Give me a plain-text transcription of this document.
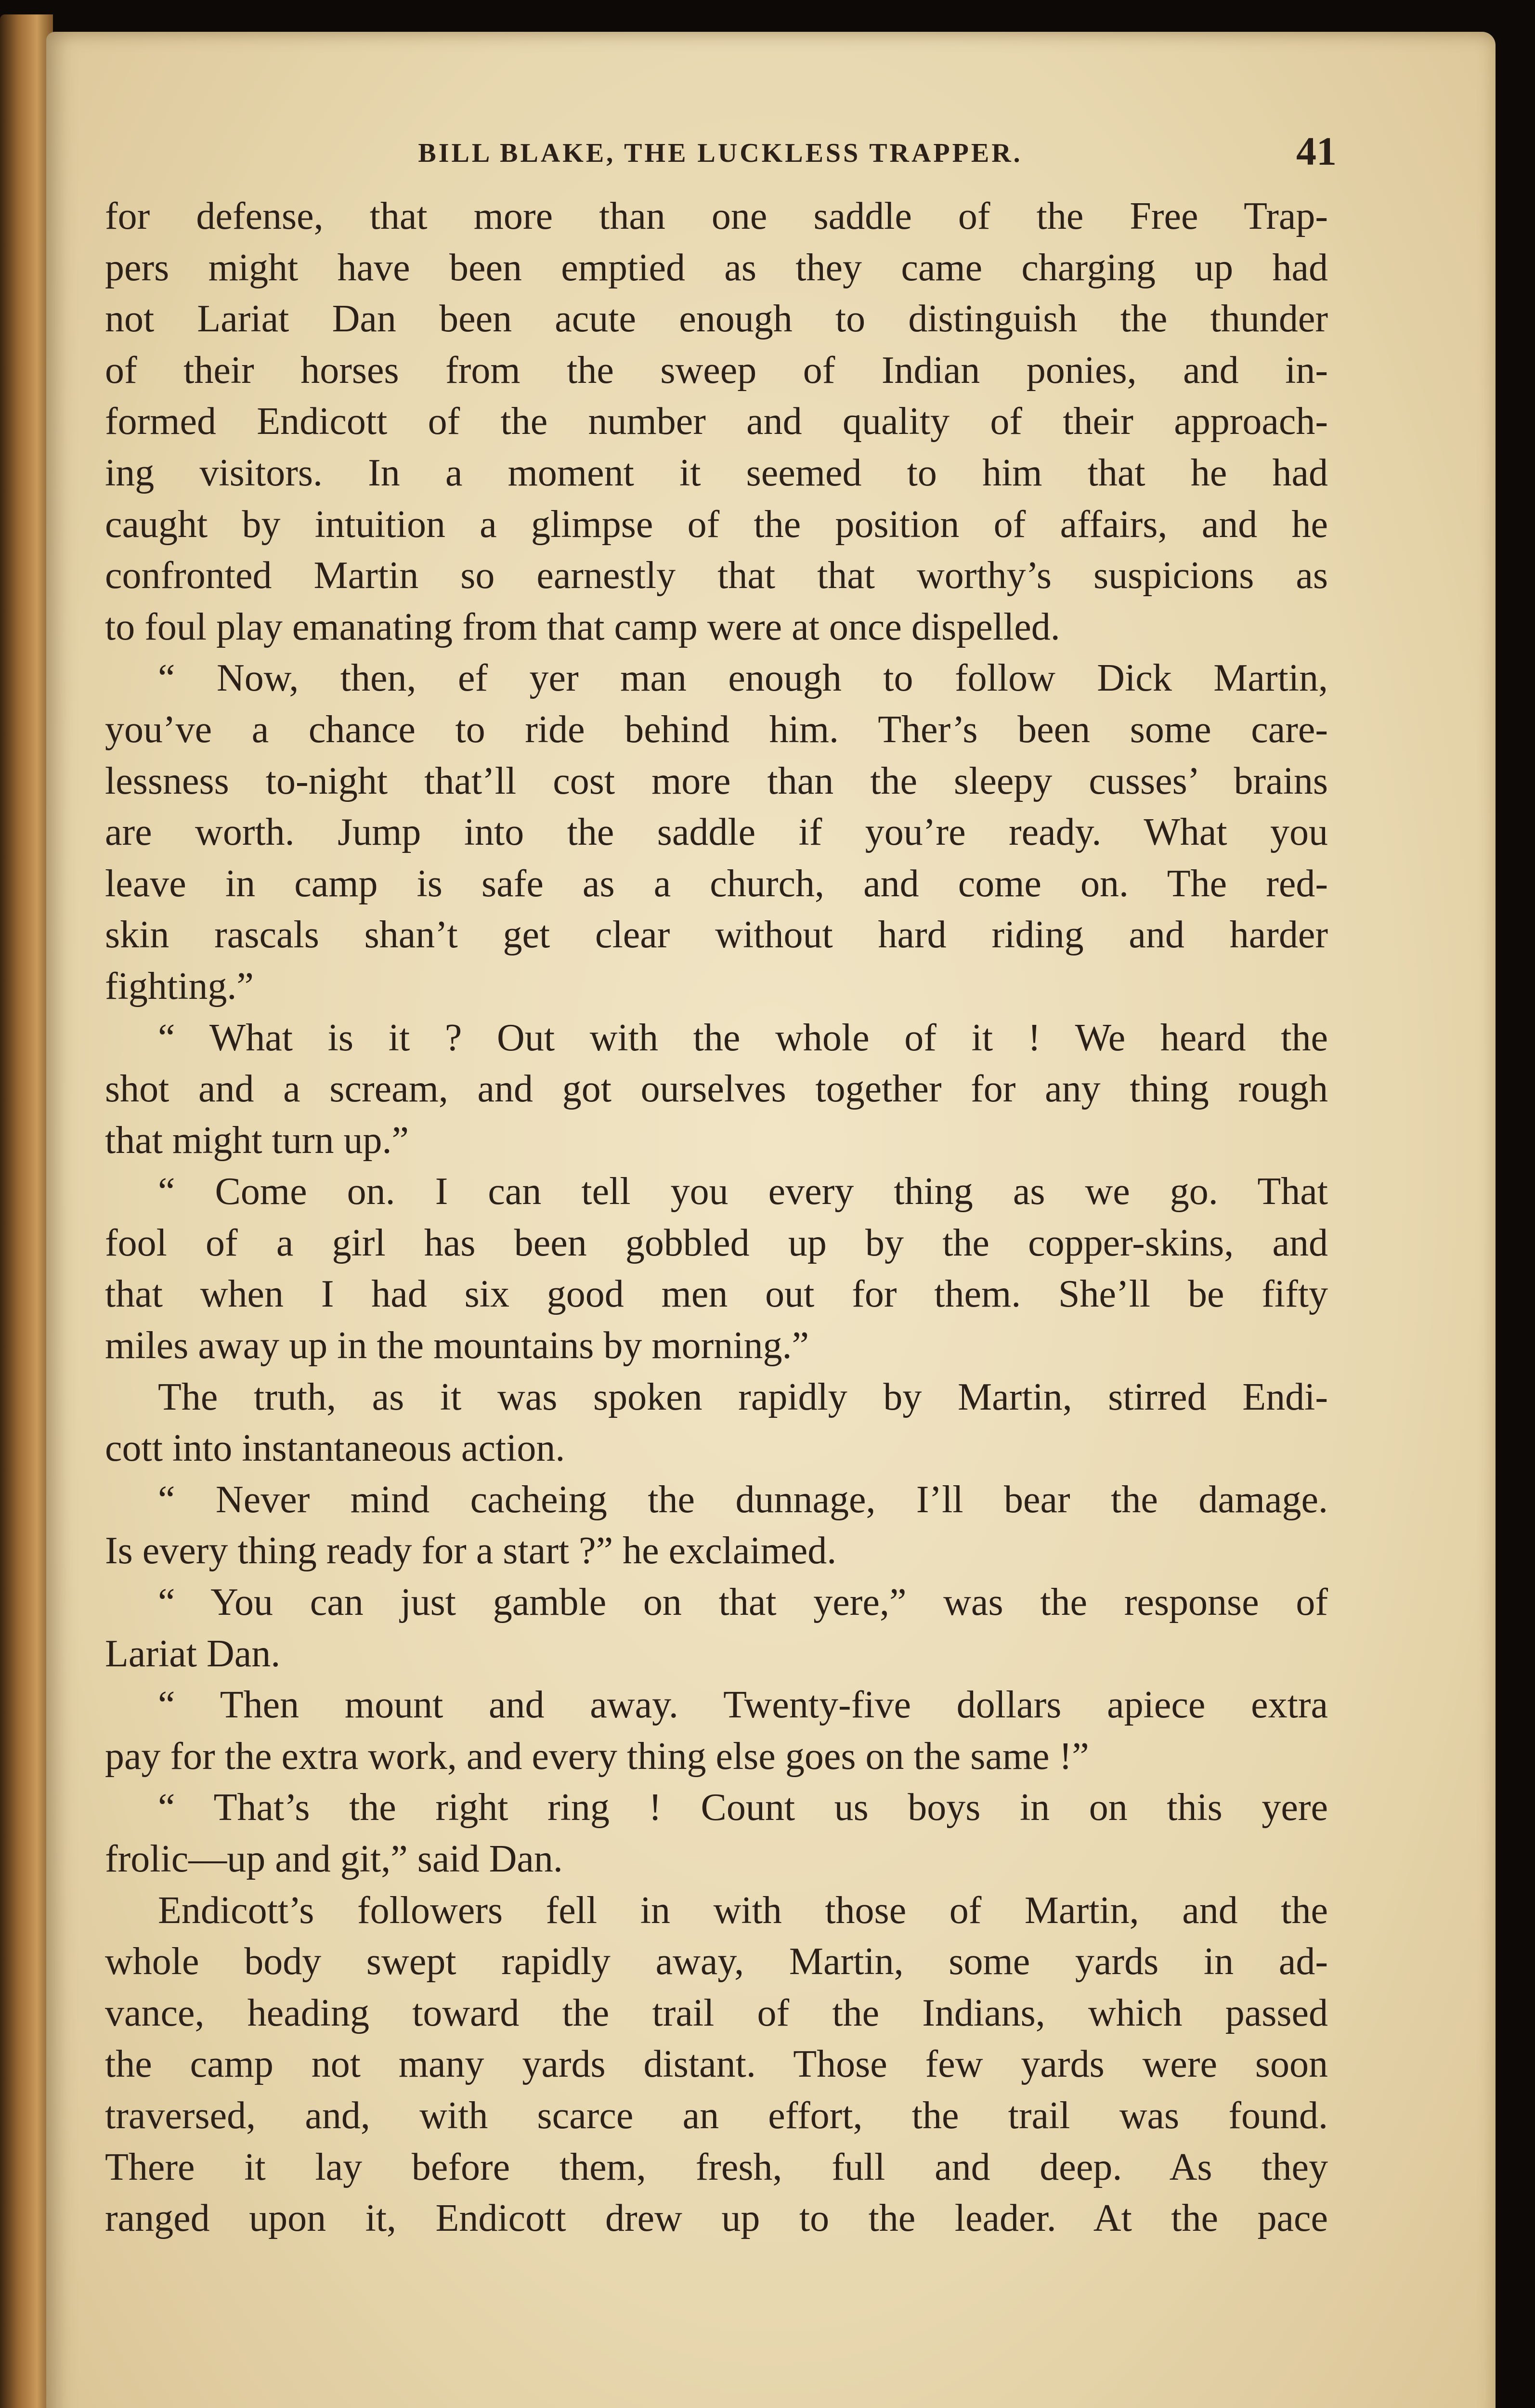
BILL BLAKE, THE LUCKLESS TRAPPER.	41
for defense, that more than one saddle of the Free Trap-
pers might have been emptied as they came charging up had
not Lariat Dan been acute enough to distinguish the thunder
of their horses from the sweep of Indian ponies, and in-
formed Endicott of the number and quality of their approach-
ing visitors. In a moment it seemed to him that he had
caught by intuition a glimpse of the position of affairs, and he
confronted Martin so earnestly that that worthy’s suspicions as
to foul play emanating from that camp were at once dispelled.
“ Now, then, ef yer man enough to follow Dick Martin,
you’ve a chance to ride behind him. Ther’s been some care-
lessness to-night that’ll cost more than the sleepy cusses’ brains
are worth. Jump into the saddle if you’re ready. What you
leave in camp is safe as a church, and come on. The red-
skin rascals shan’t get clear without hard riding and harder
fighting.”
“ What is it ? Out with the whole of it ! We heard the
shot and a scream, and got ourselves together for any thing rough
that might turn up.”
“ Come on. I can tell you every thing as we go. That
fool of a girl has been gobbled up by the copper-skins, and
that when I had six good men out for them. She’ll be fifty
miles away up in the mountains by morning.”
The truth, as it was spoken rapidly by Martin, stirred Endi-
cott into instantaneous action.
“ Never mind cacheing the dunnage, I’ll bear the damage.
Is every thing ready for a start ?” he exclaimed.
“ You can just gamble on that yere,” was the response of
Lariat Dan.
“ Then mount and away. Twenty-five dollars apiece extra
pay for the extra work, and every thing else goes on the same !”
“ That’s the right ring ! Count us boys in on this yere
frolic—up and git,” said Dan.
Endicott’s followers fell in with those of Martin, and the
whole body swept rapidly away, Martin, some yards in ad-
vance, heading toward the trail of the Indians, which passed
the camp not many yards distant. Those few yards were soon
traversed, and, with scarce an effort, the trail was found.
There it lay before them, fresh, full and deep. As they
ranged upon it, Endicott drew up to the leader. At the pace
